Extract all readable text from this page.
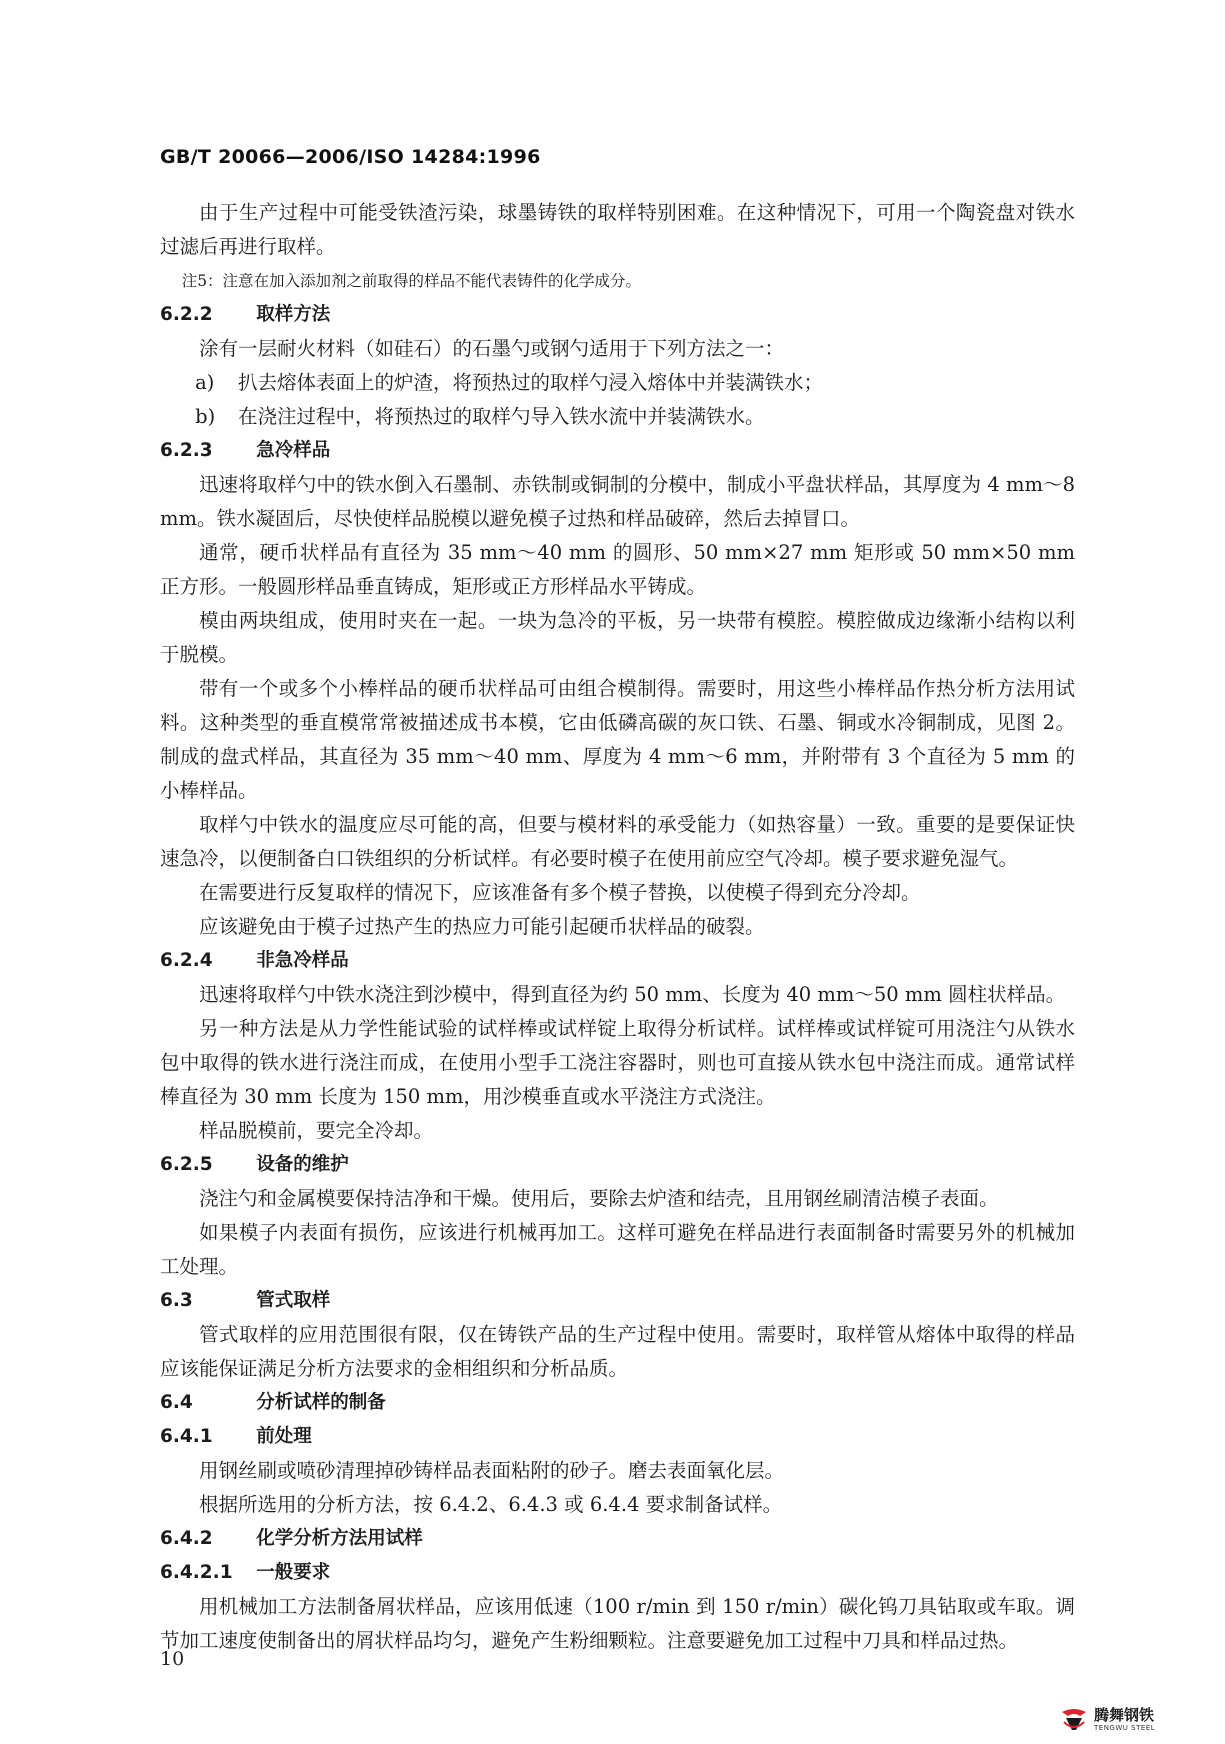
GB/T 20066—2006/ISO 14284:1996

由于生产过程中可能受铁渣污染，球墨铸铁的取样特别困难。在这种情况下，可用一个陶瓷盘对铁水过滤后再进行取样。

注5：注意在加入添加剂之前取得的样品不能代表铸件的化学成分。

6.2.2 取样方法

涂有一层耐火材料（如硅石）的石墨勺或钢勺适用于下列方法之一：

a) 扒去熔体表面上的炉渣，将预热过的取样勺浸入熔体中并装满铁水；

b) 在浇注过程中，将预热过的取样勺导入铁水流中并装满铁水。

6.2.3 急冷样品

迅速将取样勺中的铁水倒入石墨制、赤铁制或铜制的分模中，制成小平盘状样品，其厚度为 4 mm～8 mm。铁水凝固后，尽快使样品脱模以避免模子过热和样品破碎，然后去掉冒口。

通常，硬币状样品有直径为 35 mm～40 mm 的圆形、50 mm×27 mm 矩形或 50 mm×50 mm 正方形。一般圆形样品垂直铸成，矩形或正方形样品水平铸成。

模由两块组成，使用时夹在一起。一块为急冷的平板，另一块带有模腔。模腔做成边缘渐小结构以利于脱模。

带有一个或多个小棒样品的硬币状样品可由组合模制得。需要时，用这些小棒样品作热分析方法用试料。这种类型的垂直模常常被描述成书本模，它由低磷高碳的灰口铁、石墨、铜或水冷铜制成，见图 2。制成的盘式样品，其直径为 35 mm～40 mm、厚度为 4 mm～6 mm，并附带有 3 个直径为 5 mm 的小棒样品。

取样勺中铁水的温度应尽可能的高，但要与模材料的承受能力（如热容量）一致。重要的是要保证快速急冷，以便制备白口铁组织的分析试样。有必要时模子在使用前应空气冷却。模子要求避免湿气。

在需要进行反复取样的情况下，应该准备有多个模子替换，以使模子得到充分冷却。

应该避免由于模子过热产生的热应力可能引起硬币状样品的破裂。

6.2.4 非急冷样品

迅速将取样勺中铁水浇注到沙模中，得到直径为约 50 mm、长度为 40 mm～50 mm 圆柱状样品。

另一种方法是从力学性能试验的试样棒或试样锭上取得分析试样。试样棒或试样锭可用浇注勺从铁水包中取得的铁水进行浇注而成，在使用小型手工浇注容器时，则也可直接从铁水包中浇注而成。通常试样棒直径为 30 mm 长度为 150 mm，用沙模垂直或水平浇注方式浇注。

样品脱模前，要完全冷却。

6.2.5 设备的维护

浇注勺和金属模要保持洁净和干燥。使用后，要除去炉渣和结壳，且用钢丝刷清洁模子表面。

如果模子内表面有损伤，应该进行机械再加工。这样可避免在样品进行表面制备时需要另外的机械加工处理。

6.3	管式取样

管式取样的应用范围很有限，仅在铸铁产品的生产过程中使用。需要时，取样管从熔体中取得的样品应该能保证满足分析方法要求的金相组织和分析品质。

6.4	分析试样的制备
6.4.1 前处理

用钢丝刷或喷砂清理掉砂铸样品表面粘附的砂子。磨去表面氧化层。

根据所选用的分析方法，按 6.4.2、6.4.3 或 6.4.4 要求制备试样。

6.4.2 化学分析方法用试样
6.4.2.1 一般要求

用机械加工方法制备屑状样品，应该用低速（100 r/min 到 150 r/min）碳化钨刀具钻取或车取。调节加工速度使制备出的屑状样品均匀，避免产生粉细颗粒。注意要避免加工过程中刀具和样品过热。

10
腾舞钢铁
TENGWU STEEL
